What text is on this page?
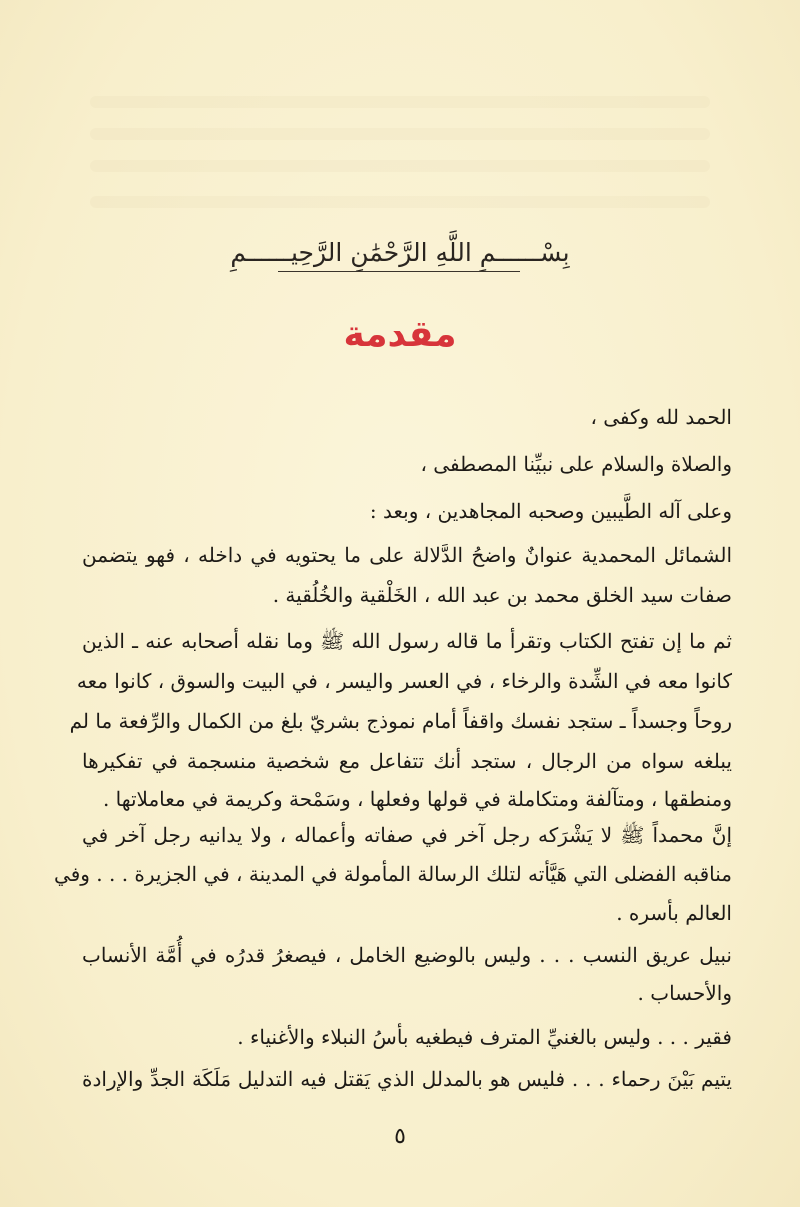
بِسْــــــمِ اللَّهِ الرَّحْمَٰنِ الرَّحِيــــــمِ
مقدمة
الحمد لله وكفى ،
والصلاة والسلام على نبيِّنا المصطفى ،
وعلى آله الطَّيبين وصحبه المجاهدين ، وبعد :
الشمائل المحمدية عنوانٌ واضحُ الدَّلالة على ما يحتويه في داخله ، فهو يتضمن
صفات سيد الخلق محمد بن عبد الله ، الخَلْقية والخُلُقية .
ثم ما إن تفتح الكتاب وتقرأ ما قاله رسول الله ﷺ وما نقله أصحابه عنه ـ الذين
كانوا معه في الشِّدة والرخاء ، في العسر واليسر ، في البيت والسوق ، كانوا معه
روحاً وجسداً ـ ستجد نفسك واقفاً أمام نموذج بشريّ بلغ من الكمال والرِّفعة ما لم
يبلغه سواه من الرجال ، ستجد أنك تتفاعل مع شخصية منسجمة في تفكيرها
ومنطقها ، ومتآلفة ومتكاملة في قولها وفعلها ، وسَمْحة وكريمة في معاملاتها .
إنَّ محمداً ﷺ لا يَشْرَكه رجل آخر في صفاته وأعماله ، ولا يدانيه رجل آخر في
مناقبه الفضلى التي هَيَّأته لتلك الرسالة المأمولة في المدينة ، في الجزيرة . . . وفي
العالم بأسره .
نبيل عريق النسب . . . وليس بالوضيع الخامل ، فيصغرُ قدرُه في أُمَّة الأنساب
والأحساب .
فقير . . . وليس بالغنيِّ المترف فيطغيه بأسُ النبلاء والأغنياء .
يتيم بَيْنَ رحماء . . . فليس هو بالمدلل الذي يَقتل فيه التدليل مَلَكَة الجدِّ والإرادة
٥
